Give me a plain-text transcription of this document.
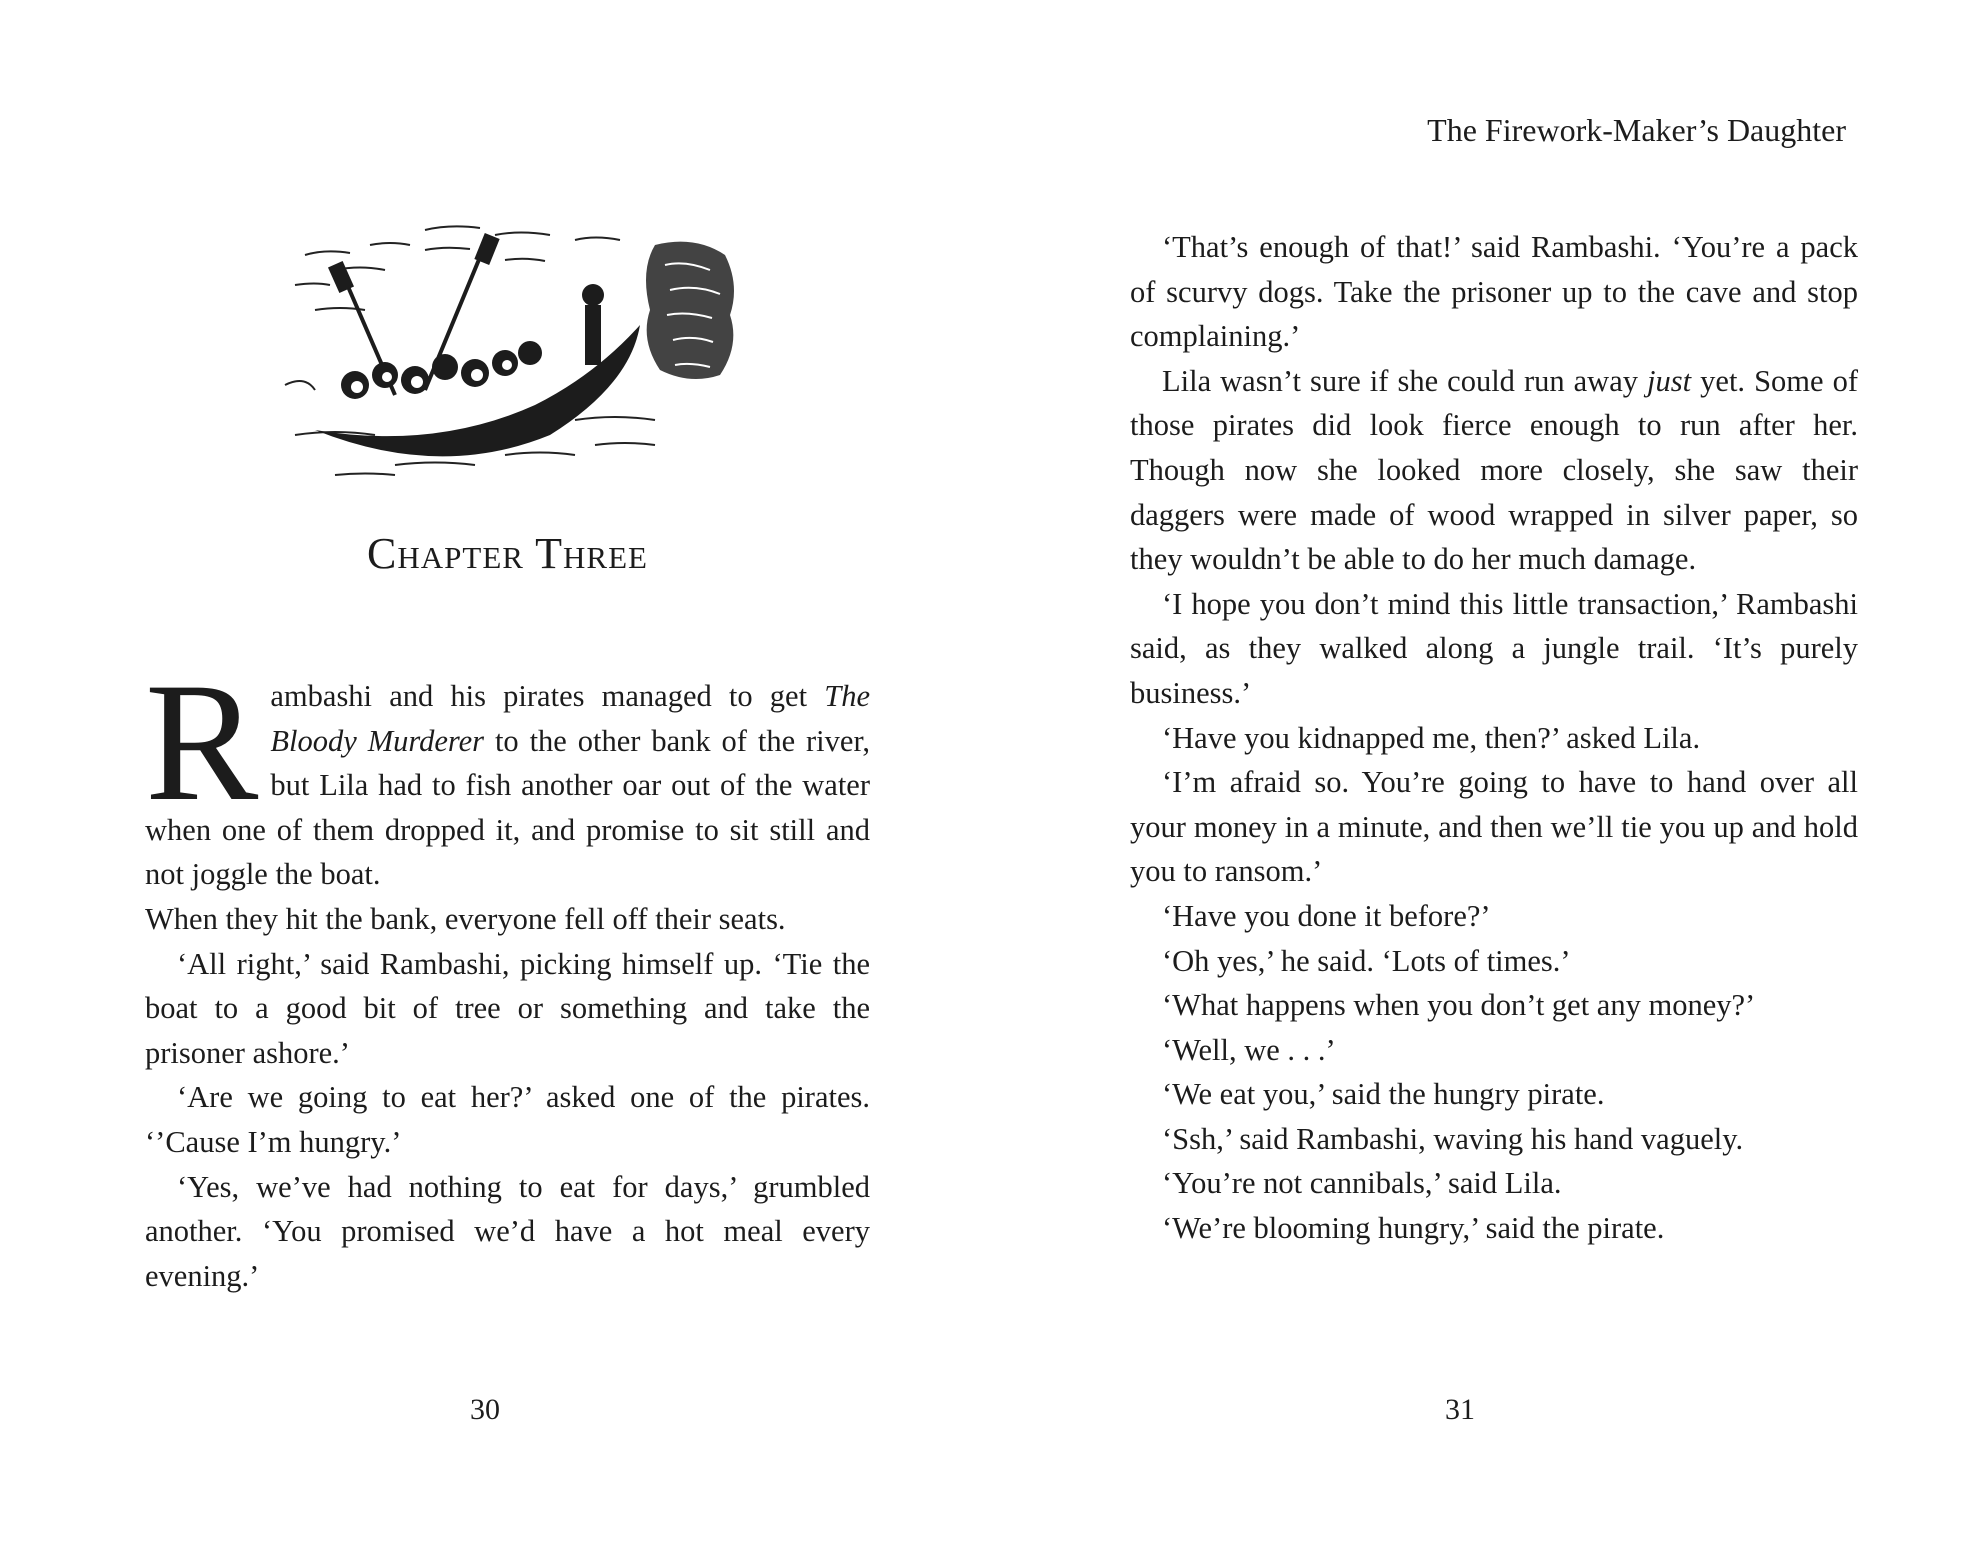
Chapter Three

Rambashi and his pirates managed to get The Bloody Murderer to the other bank of the river, but Lila had to fish another oar out of the water when one of them dropped it, and promise to sit still and not joggle the boat.

When they hit the bank, everyone fell off their seats.

‘All right,’ said Rambashi, picking himself up. ‘Tie the boat to a good bit of tree or something and take the prisoner ashore.’

‘Are we going to eat her?’ asked one of the pirates. ‘’Cause I’m hungry.’

‘Yes, we’ve had nothing to eat for days,’ grumbled another. ‘You promised we’d have a hot meal every evening.’

30
The Firework-Maker’s Daughter

‘That’s enough of that!’ said Rambashi. ‘You’re a pack of scurvy dogs. Take the prisoner up to the cave and stop complaining.’

Lila wasn’t sure if she could run away just yet. Some of those pirates did look fierce enough to run after her. Though now she looked more closely, she saw their daggers were made of wood wrapped in silver paper, so they wouldn’t be able to do her much damage.

‘I hope you don’t mind this little transaction,’ Rambashi said, as they walked along a jungle trail. ‘It’s purely business.’

‘Have you kidnapped me, then?’ asked Lila.

‘I’m afraid so. You’re going to have to hand over all your money in a minute, and then we’ll tie you up and hold you to ransom.’

‘Have you done it before?’

‘Oh yes,’ he said. ‘Lots of times.’

‘What happens when you don’t get any money?’

‘Well, we . . .’

‘We eat you,’ said the hungry pirate.

‘Ssh,’ said Rambashi, waving his hand vaguely.

‘You’re not cannibals,’ said Lila.

‘We’re blooming hungry,’ said the pirate.

31
